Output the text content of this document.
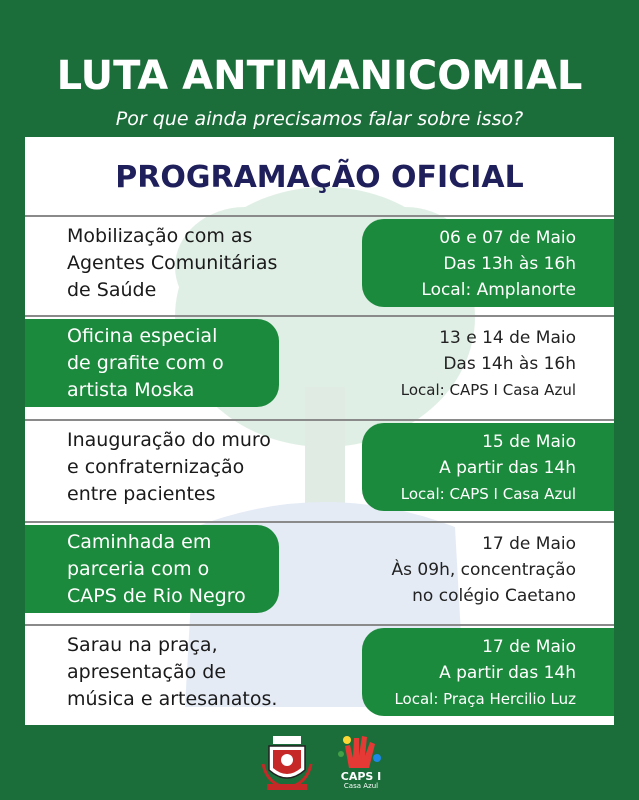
LUTA ANTIMANICOMIAL
Por que ainda precisamos falar sobre isso?
PROGRAMAÇÃO OFICIAL
Mobilização com as
Agentes Comunitárias
de Saúde
06 e 07 de Maio
Das 13h às 16h
Local: Amplanorte
Oficina especial
de grafite com o
artista Moska
13 e 14 de Maio
Das 14h às 16h
Local: CAPS I Casa Azul
Inauguração do muro
e confraternização
entre pacientes
15 de Maio
A partir das 14h
Local: CAPS I Casa Azul
Caminhada em
parceria com o
CAPS de Rio Negro
17 de Maio
Às 09h, concentração
no colégio Caetano
Sarau na praça,
apresentação de
música e artesanatos.
17 de Maio
A partir das 14h
Local: Praça Hercilio Luz
CAPS I
Casa Azul
